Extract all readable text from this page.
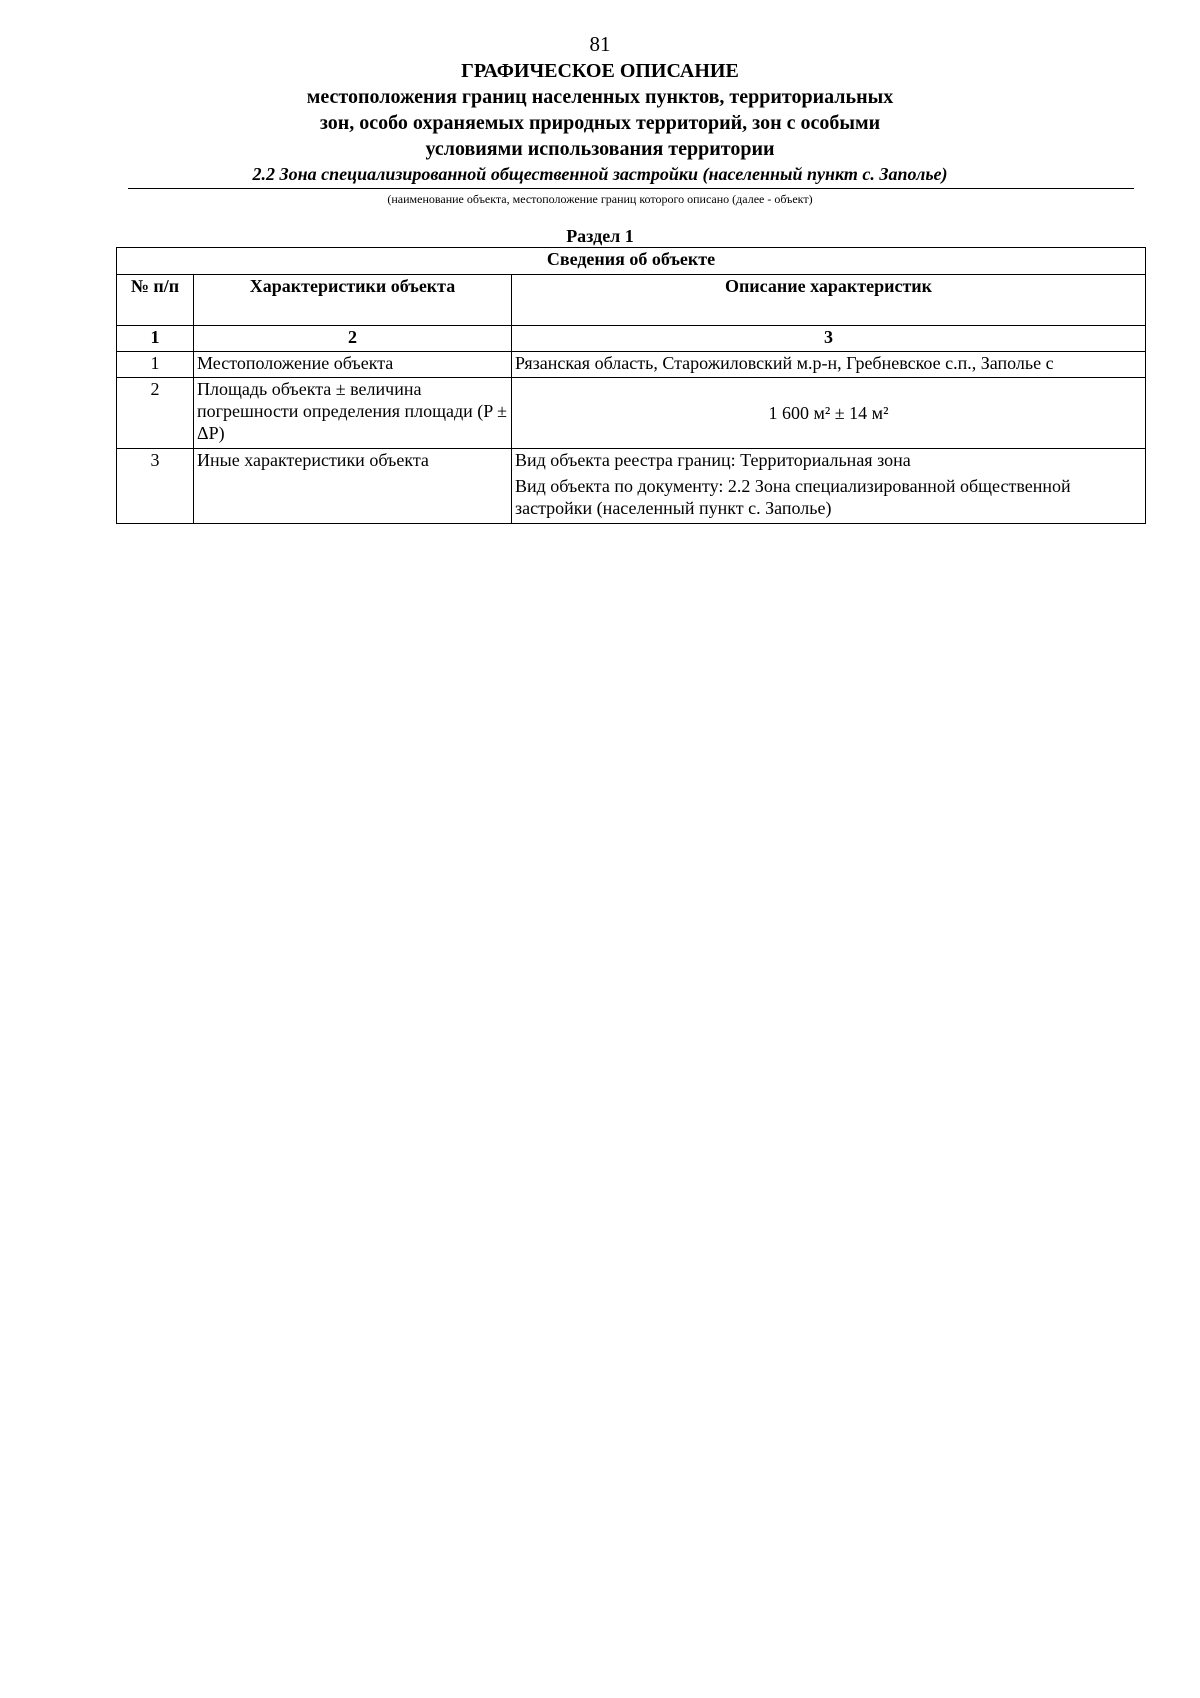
81
ГРАФИЧЕСКОЕ ОПИСАНИЕ
местоположения границ населенных пунктов, территориальных
зон, особо охраняемых природных территорий, зон с особыми
условиями использования территории
2.2 Зона специализированной общественной застройки (населенный пункт с. Заполье)
(наименование объекта, местоположение границ которого описано (далее - объект)
Раздел 1
Сведения об объекте		
№ п/п	Характеристики объекта	Описание характеристик
1	2	3
1	Местоположение объекта	Рязанская область, Старожиловский м.р-н, Гребневское с.п., Заполье с
2	Площадь объекта ± величина погрешности определения площади (P ± ΔP)	1 600 м² ± 14 м²
3	Иные характеристики объекта	Вид объекта реестра границ: Территориальная зона
Вид объекта по документу: 2.2 Зона специализированной общественной застройки (населенный пункт с. Заполье)
